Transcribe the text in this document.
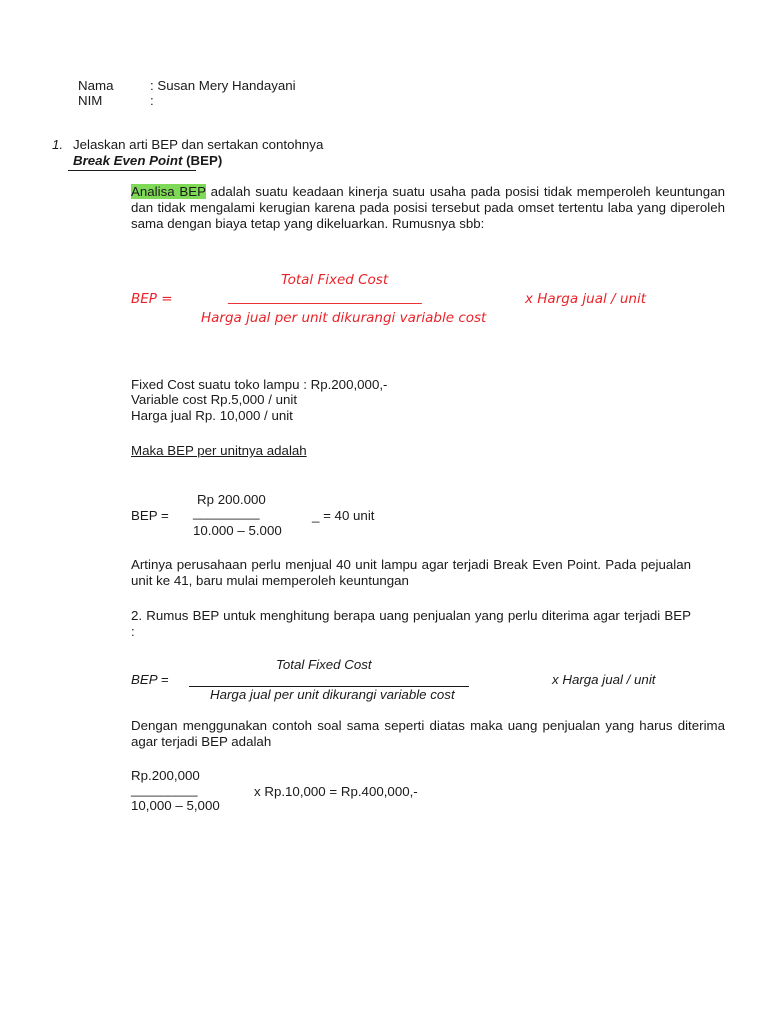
Nama	: Susan Mery Handayani
NIM	:
1. Jelaskan arti BEP dan sertakan contohnya
Break Even Point (BEP)
Analisa BEP adalah suatu keadaan kinerja suatu usaha pada posisi tidak memperoleh keuntungan dan tidak mengalami kerugian karena pada posisi tersebut pada omset tertentu laba yang diperoleh sama dengan biaya tetap yang dikeluarkan. Rumusnya sbb:
Total Fixed Cost
BEP =	______________________________	x Harga jual / unit
Harga jual per unit dikurangi variable cost
Fixed Cost suatu toko lampu : Rp.200,000,-
Variable cost Rp.5,000 / unit
Harga jual Rp. 10,000 / unit
Maka BEP per unitnya adalah
Rp 200.000
BEP = _________	_ = 40 unit
10.000 – 5.000
Artinya perusahaan perlu menjual 40 unit lampu agar terjadi Break Even Point. Pada pejualan unit ke 41, baru mulai memperoleh keuntungan
2. Rumus BEP untuk menghitung berapa uang penjualan yang perlu diterima agar terjadi BEP :
Total Fixed Cost
BEP =	x Harga jual / unit
Harga jual per unit dikurangi variable cost
Dengan menggunakan contoh soal sama seperti diatas maka uang penjualan yang harus diterima agar terjadi BEP adalah
Rp.200,000
_________	x Rp.10,000 = Rp.400,000,-
10,000 – 5,000
